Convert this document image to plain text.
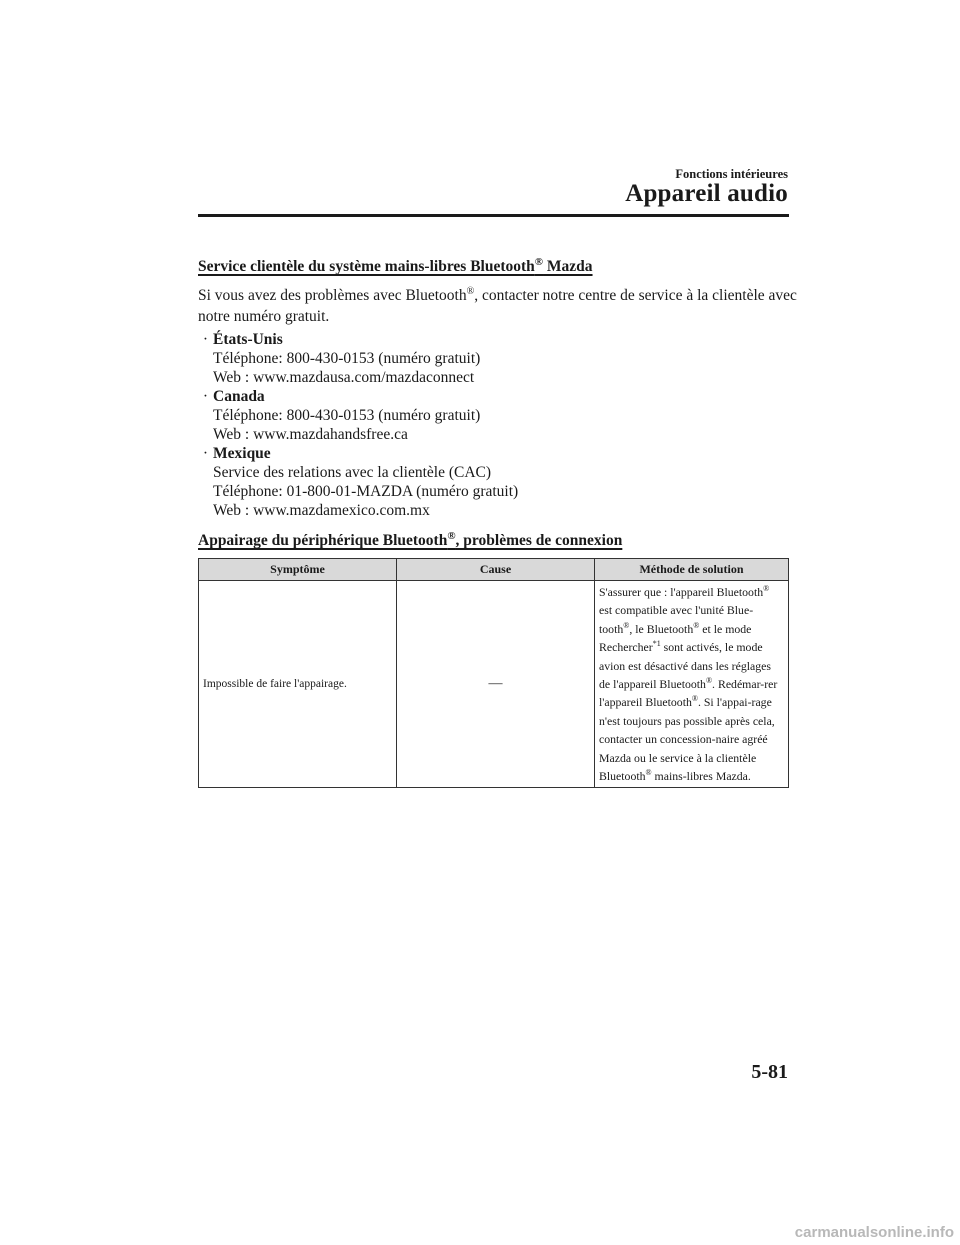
Fonctions intérieures
Appareil audio
Service clientèle du système mains-libres Bluetooth® Mazda
Si vous avez des problèmes avec Bluetooth®, contacter notre centre de service à la clientèle avec notre numéro gratuit.
· États-Unis
Téléphone: 800-430-0153 (numéro gratuit)
Web : www.mazdausa.com/mazdaconnect
· Canada
Téléphone: 800-430-0153 (numéro gratuit)
Web : www.mazdahandsfree.ca
· Mexique
Service des relations avec la clientèle (CAC)
Téléphone: 01-800-01-MAZDA (numéro gratuit)
Web : www.mazdamexico.com.mx
Appairage du périphérique Bluetooth®, problèmes de connexion
Symptôme	Cause	Méthode de solution
Impossible de faire l'appairage.	—	S'assurer que : l'appareil Bluetooth® est compatible avec l'unité Blue-tooth®, le Bluetooth® et le mode Rechercher$^{*1}$ sont activés, le mode avion est désactivé dans les réglages de l'appareil Bluetooth®. Redémar-rer l'appareil Bluetooth®. Si l'appai-rage n'est toujours pas possible après cela, contacter un concession-naire agréé Mazda ou le service à la clientèle Bluetooth® mains-libres Mazda.
5-81
carmanualsonline.info
